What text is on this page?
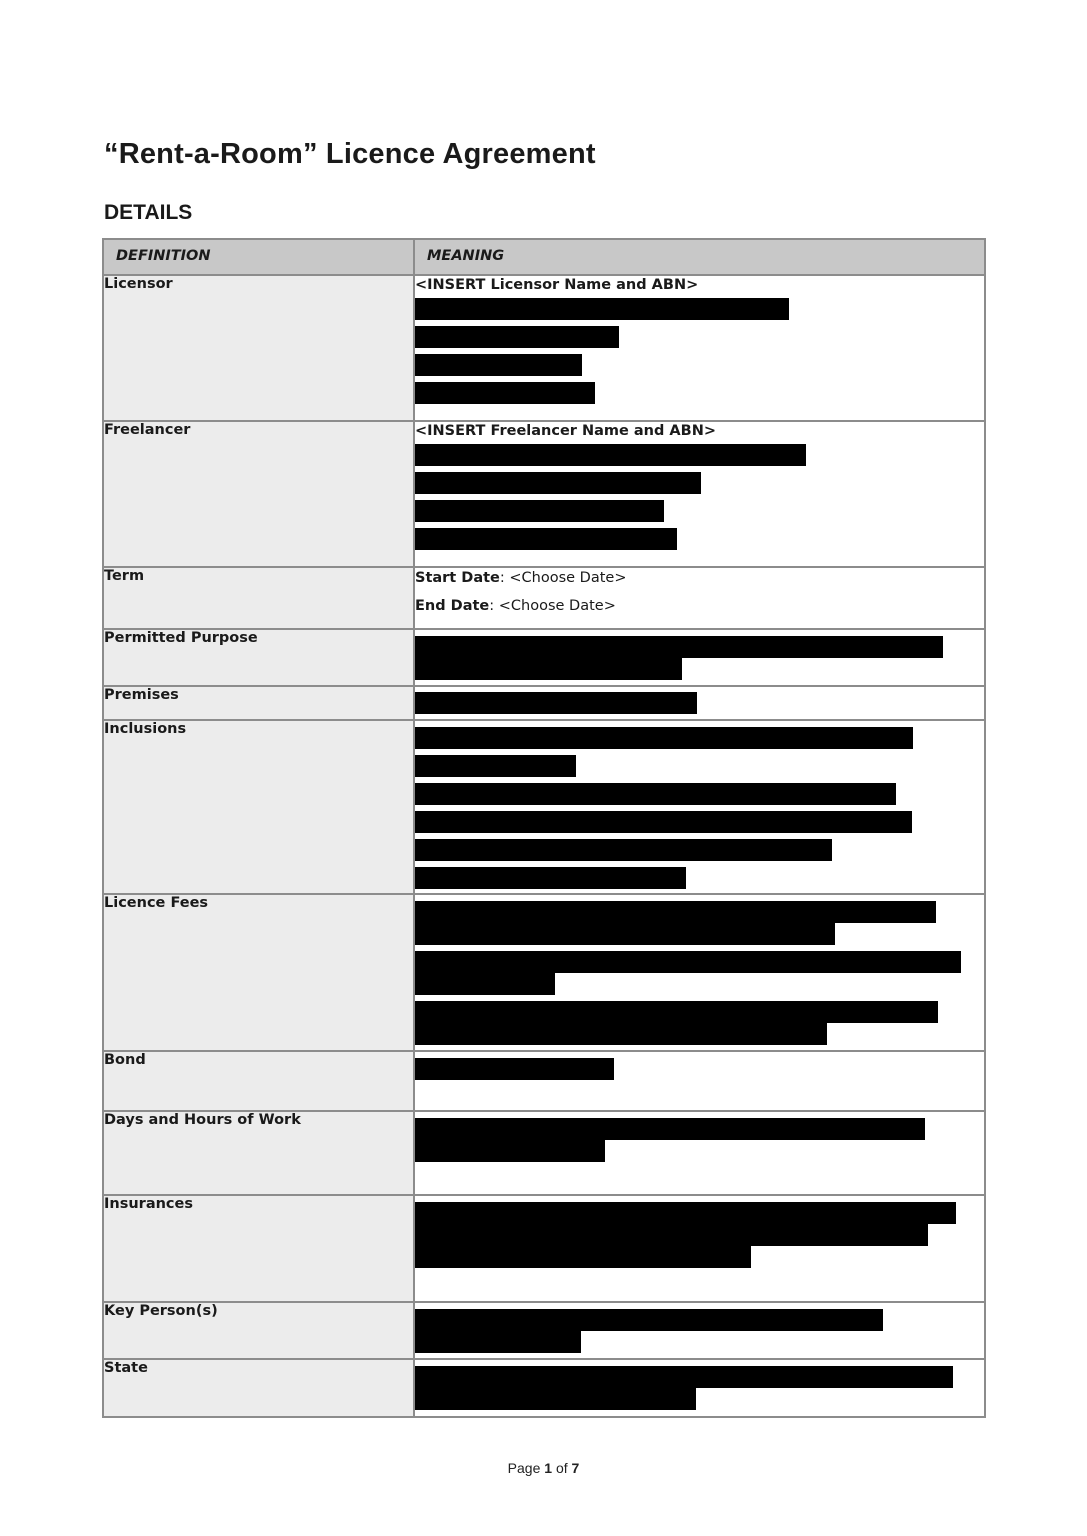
“Rent-a-Room” Licence Agreement
DETAILS
DEFINITION	MEANING
Licensor	<INSERT Licensor Name and ABN>

Freelancer	<INSERT Freelancer Name and ABN>

Term	Start Date: <Choose Date>
End Date: <Choose Date>

Permitted Purpose	

Premises	

Inclusions	

Licence Fees	

Bond	

Days and Hours of Work	

Insurances	

Key Person(s)	

State	
Page 1 of 7
